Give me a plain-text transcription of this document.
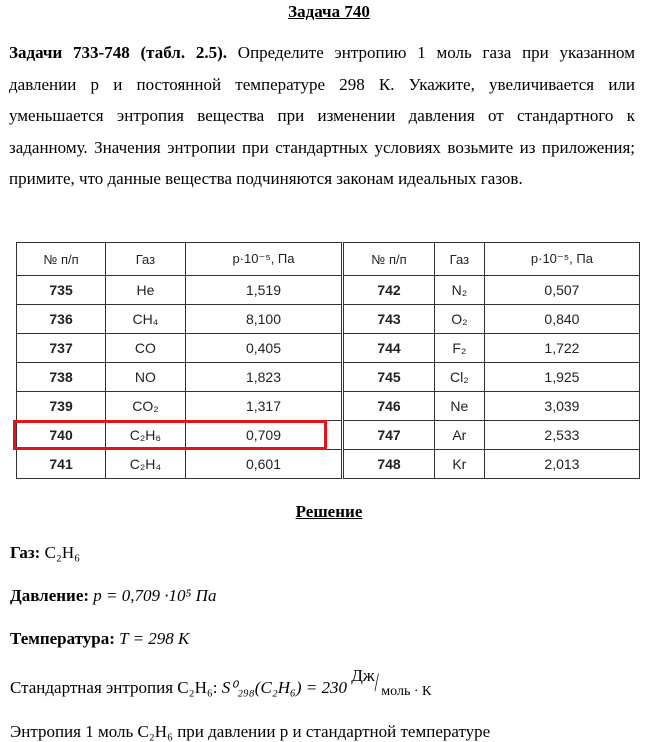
Задача 740
Задачи 733-748 (табл. 2.5). Определите энтропию 1 моль газа при указанном давлении p и постоянной температуре 298 К. Укажите, увеличивается или уменьшается энтропия вещества при изменении давления от стандартного к заданному. Значения энтропии при стандартных условиях возьмите из приложения; примите, что данные вещества подчиняются законам идеальных газов.
№ п/п	Газ	p·10⁻⁵, Па	№ п/п	Газ	p·10⁻⁵, Па
735	He	1,519	742	N₂	0,507
736	CH₄	8,100	743	O₂	0,840
737	CO	0,405	744	F₂	1,722
738	NO	1,823	745	Cl₂	1,925
739	CO₂	1,317	746	Ne	3,039
740	C₂H₆	0,709	747	Ar	2,533
741	C₂H₄	0,601	748	Kr	2,013
Решение
Газ: C₂H₆
Давление: p = 0,709 ·10⁵ Па
Температура: T = 298 K
Стандартная энтропия C₂H₆: S⁰₂₉₈(C₂H₆) = 230
Дж / моль · К
Энтропия 1 моль C₂H₆ при давлении p и стандартной температуре
